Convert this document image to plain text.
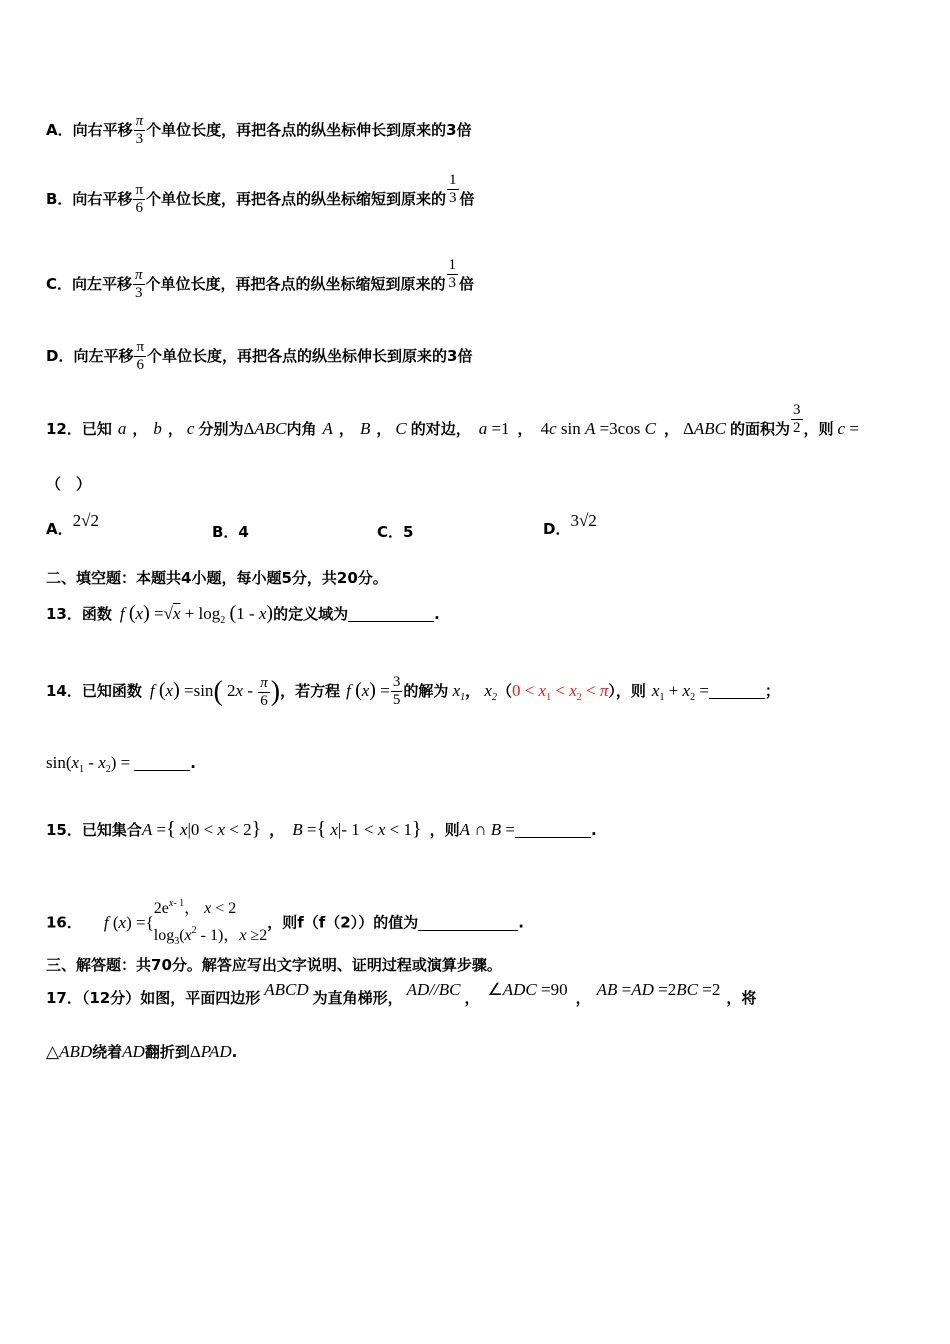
A．向右平移 $\frac{\pi}{3}$ 个单位长度，再把各点的纵坐标伸长到原来的3倍
B．向右平移 $\frac{\pi}{6}$ 个单位长度，再把各点的纵坐标缩短到原来的 $\frac{1}{3}$ 倍
C．向左平移 $\frac{\pi}{3}$ 个单位长度，再把各点的纵坐标缩短到原来的 $\frac{1}{3}$ 倍
D．向左平移 $\frac{\pi}{6}$ 个单位长度，再把各点的纵坐标伸长到原来的3倍
12．已知 a ， b ， c 分别为ΔABC内角 A ， B ， C 的对边， a =1 ， 4c sin A =3cos C ， ΔABC 的面积为 $\frac{3}{2}$ ，则 c =
（　）
A．2√2
B．4	C．5	D．3√2
二、填空题：本题共4小题，每小题5分，共20分。
13．函数 f $(x) =√x + \log_2 (1 - x)$的定义域为	.
14．已知函数 f (x) =sin( $2x - \frac{\pi}{6}$ )，若方程 f $(x) = \frac{3}{5}$ 的解为 $x_1$， $x_2(0 < x_1 < x_2 < \pi)$，则 $x_1 + x_2$ =	；
$\sin(x_1 - x_2)$ =	.
15．已知集合A ={ x|0 < x < 2} ， B ={ x|- 1 < x < 1} ，则A ∩ B =	.
16． f (x) ={
$2e^{x- 1}$， x < 2
$\log_3(x^2 - 1)$，x ≥2
，则f（f（2））的值为	.
三、解答题：共70分。解答应写出文字说明、证明过程或演算步骤。
17．（12分）如图，平面四边形 ABCD 为直角梯形， AD//BC ， ∠ADC =90 ， AB =AD =2BC =2 ，将
△ABD绕着AD翻折到ΔPAD.
